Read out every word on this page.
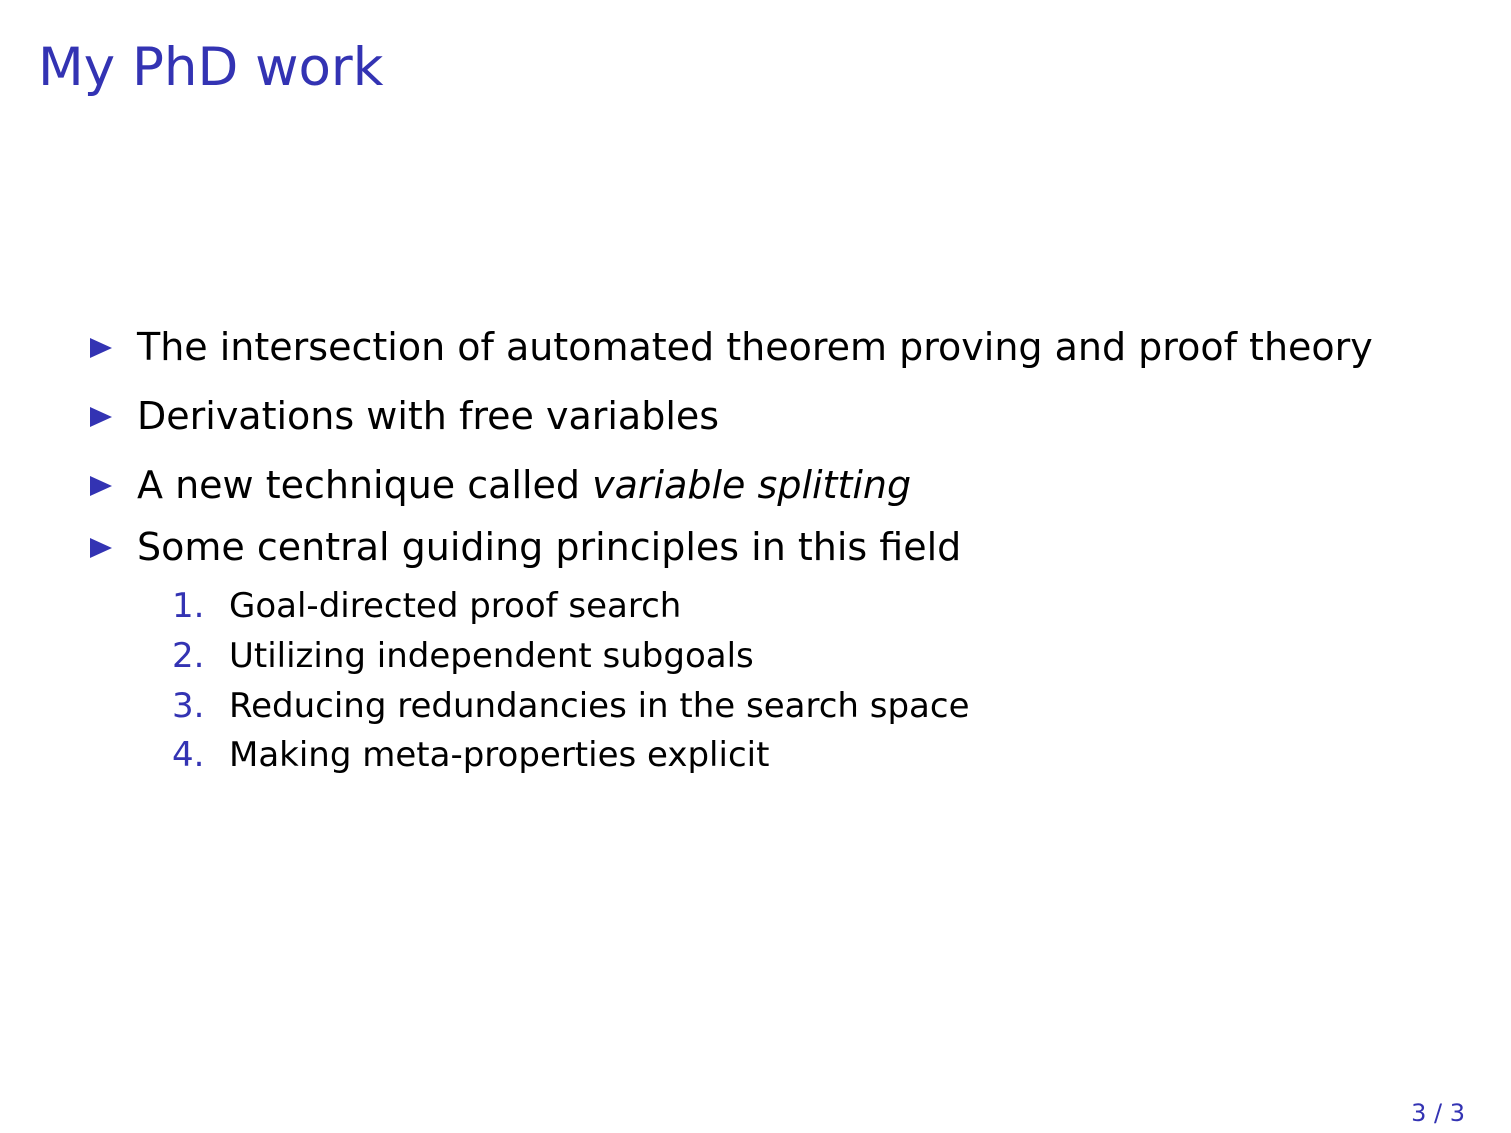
My PhD work
The intersection of automated theorem proving and proof theory
Derivations with free variables
A new technique called variable splitting
Some central guiding principles in this field
1. Goal-directed proof search
2. Utilizing independent subgoals
3. Reducing redundancies in the search space
4. Making meta-properties explicit
3 / 3
